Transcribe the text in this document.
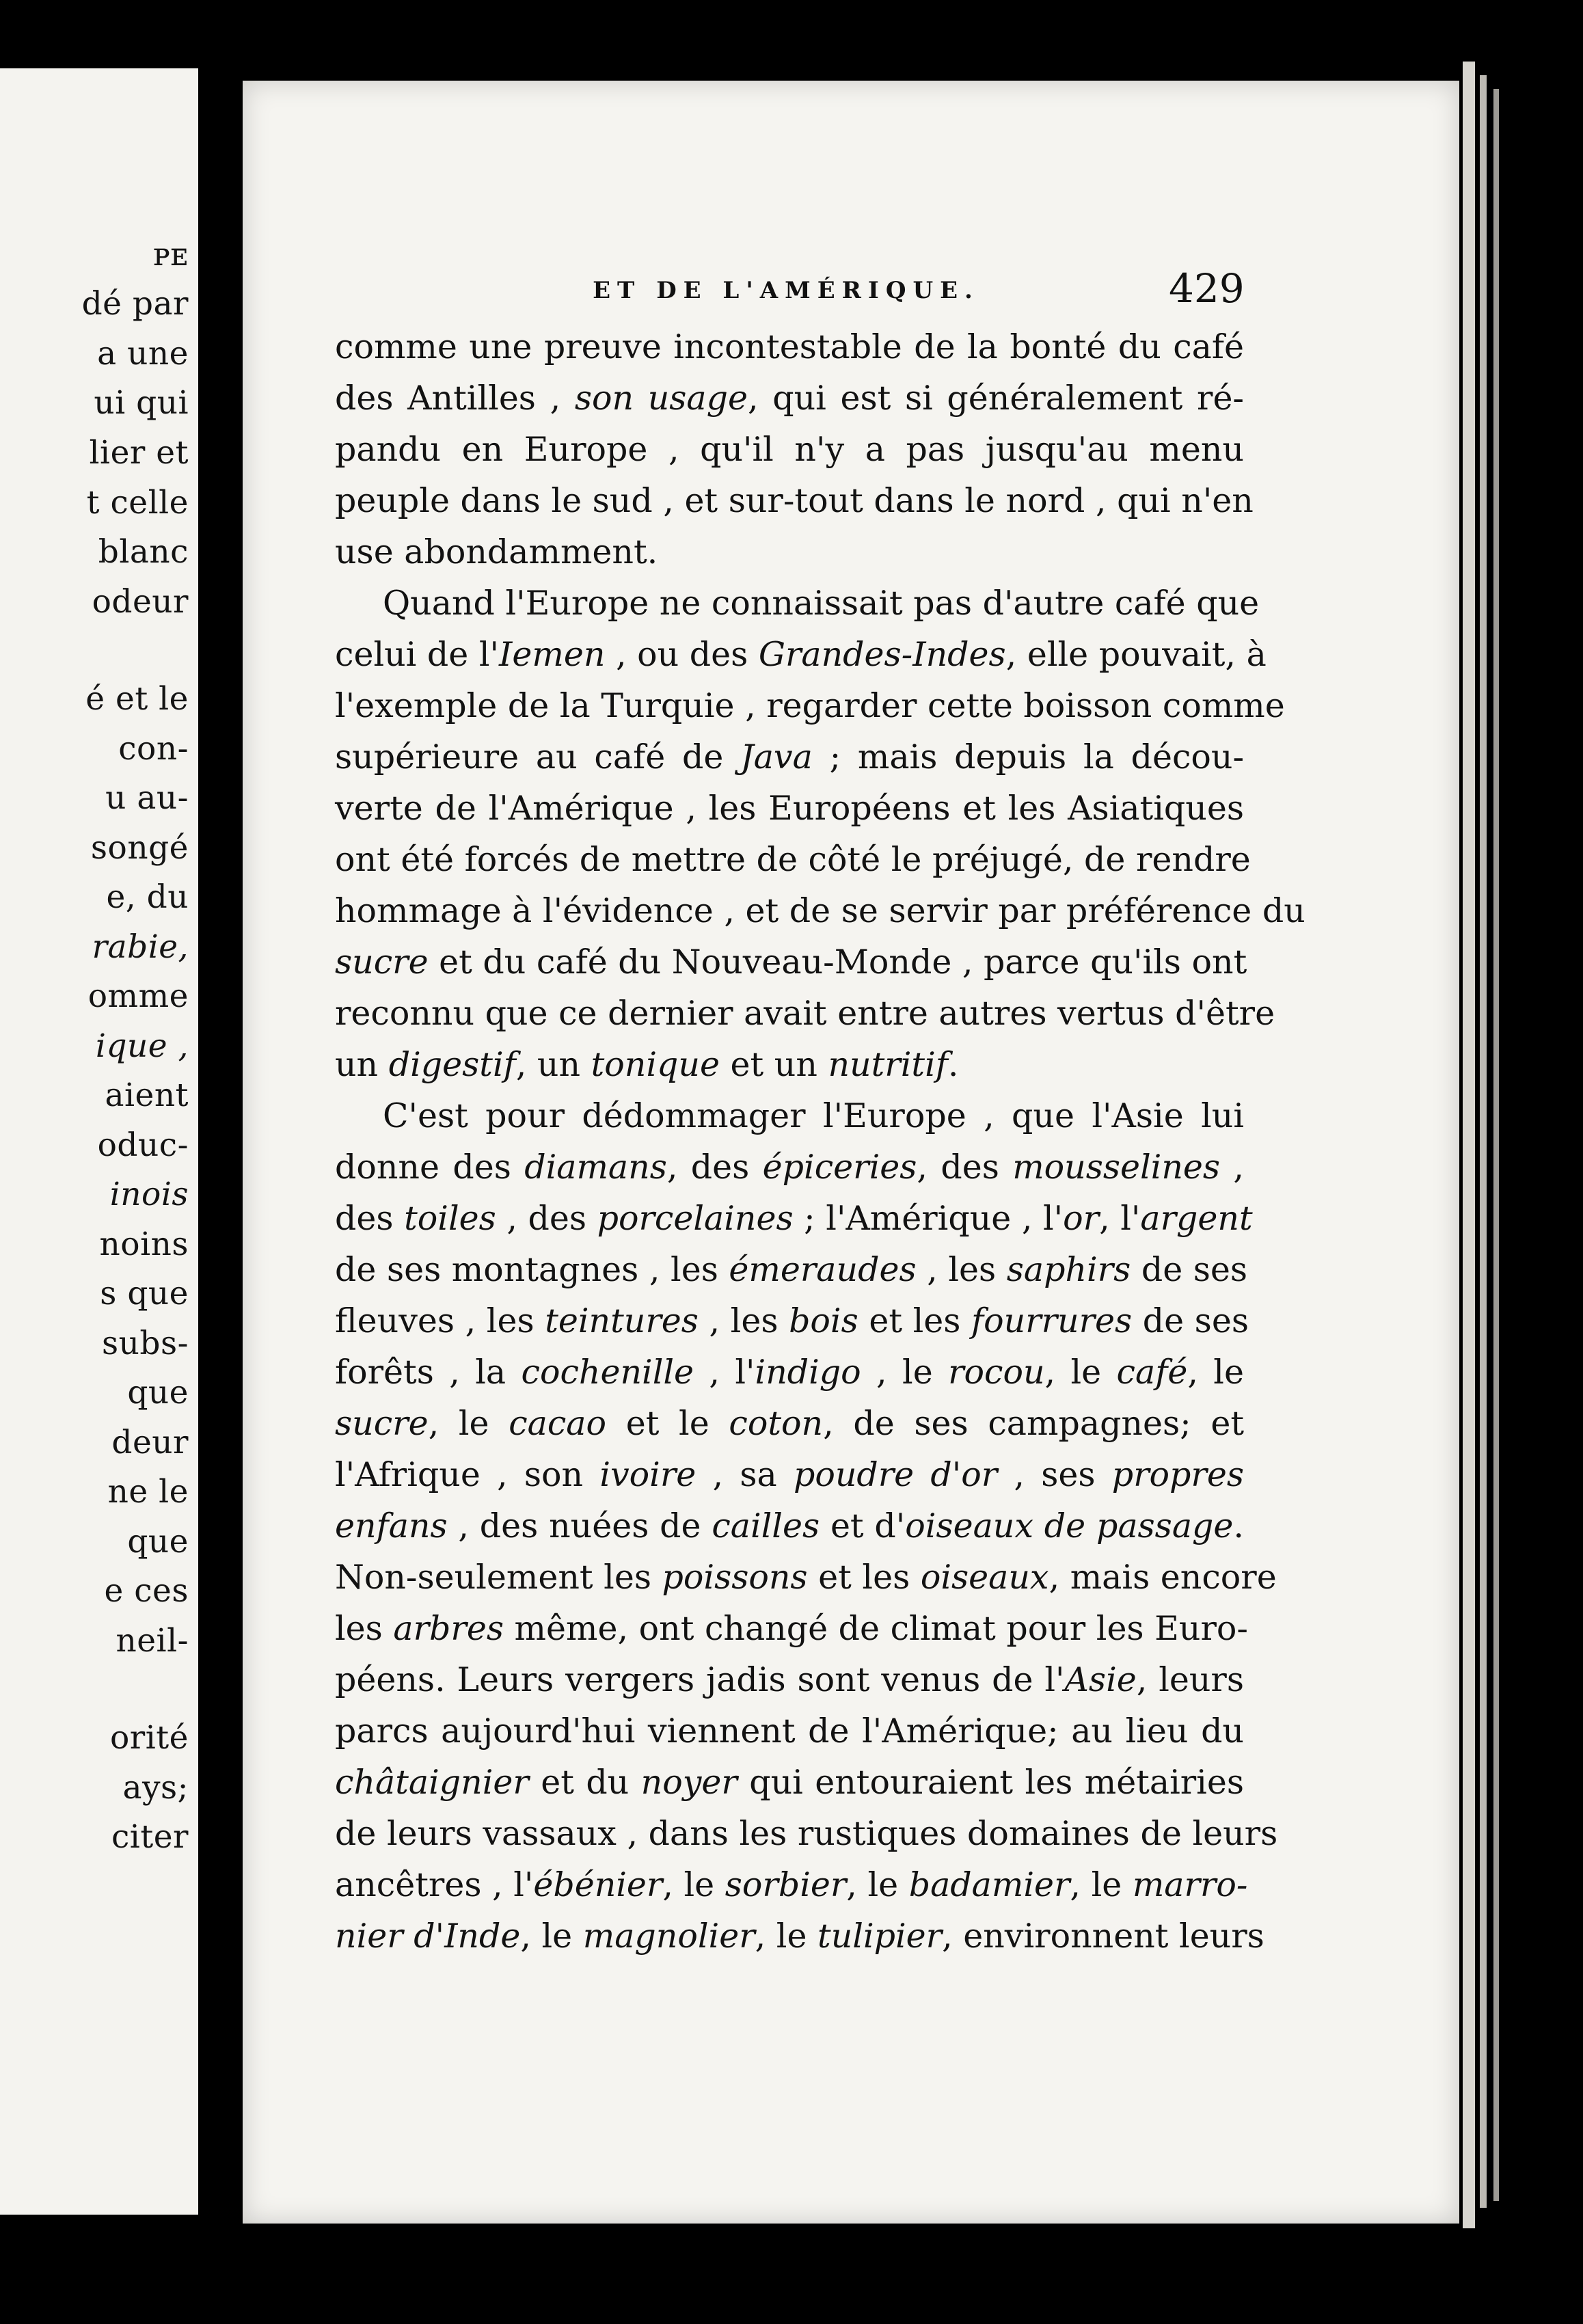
ᴘᴇ
dé par
a une
ui qui
lier et
t celle
blanc
odeur
é et le
con-
u au-
songé
e, du
rabie,
omme
ique ,
aient
oduc-
inois
noins
s que
subs-
que
deur
ne le
que
e ces
neil-
orité
ays;
citer
ET DE L'AMÉRIQUE.	429
comme une preuve incontestable de la bonté du café
des Antilles , son usage, qui est si généralement ré-
pandu en Europe , qu'il n'y a pas jusqu'au menu
peuple dans le sud , et sur-tout dans le nord , qui n'en
use abondamment.
Quand l'Europe ne connaissait pas d'autre café que
celui de l'Iemen , ou des Grandes-Indes, elle pouvait, à
l'exemple de la Turquie , regarder cette boisson comme
supérieure au café de Java ; mais depuis la décou-
verte de l'Amérique , les Européens et les Asiatiques
ont été forcés de mettre de côté le préjugé, de rendre
hommage à l'évidence , et de se servir par préférence du
sucre et du café du Nouveau-Monde , parce qu'ils ont
reconnu que ce dernier avait entre autres vertus d'être
un digestif, un tonique et un nutritif.
C'est pour dédommager l'Europe , que l'Asie lui
donne des diamans, des épiceries, des mousselines ,
des toiles , des porcelaines ; l'Amérique , l'or, l'argent
de ses montagnes , les émeraudes , les saphirs de ses
fleuves , les teintures , les bois et les fourrures de ses
forêts , la cochenille , l'indigo , le rocou, le café, le
sucre, le cacao et le coton, de ses campagnes; et
l'Afrique , son ivoire , sa poudre d'or , ses propres
enfans , des nuées de cailles et d'oiseaux de passage.
Non-seulement les poissons et les oiseaux, mais encore
les arbres même, ont changé de climat pour les Euro-
péens. Leurs vergers jadis sont venus de l'Asie, leurs
parcs aujourd'hui viennent de l'Amérique; au lieu du
châtaignier et du noyer qui entouraient les métairies
de leurs vassaux , dans les rustiques domaines de leurs
ancêtres , l'ébénier, le sorbier, le badamier, le marro-
nier d'Inde, le magnolier, le tulipier, environnent leurs
